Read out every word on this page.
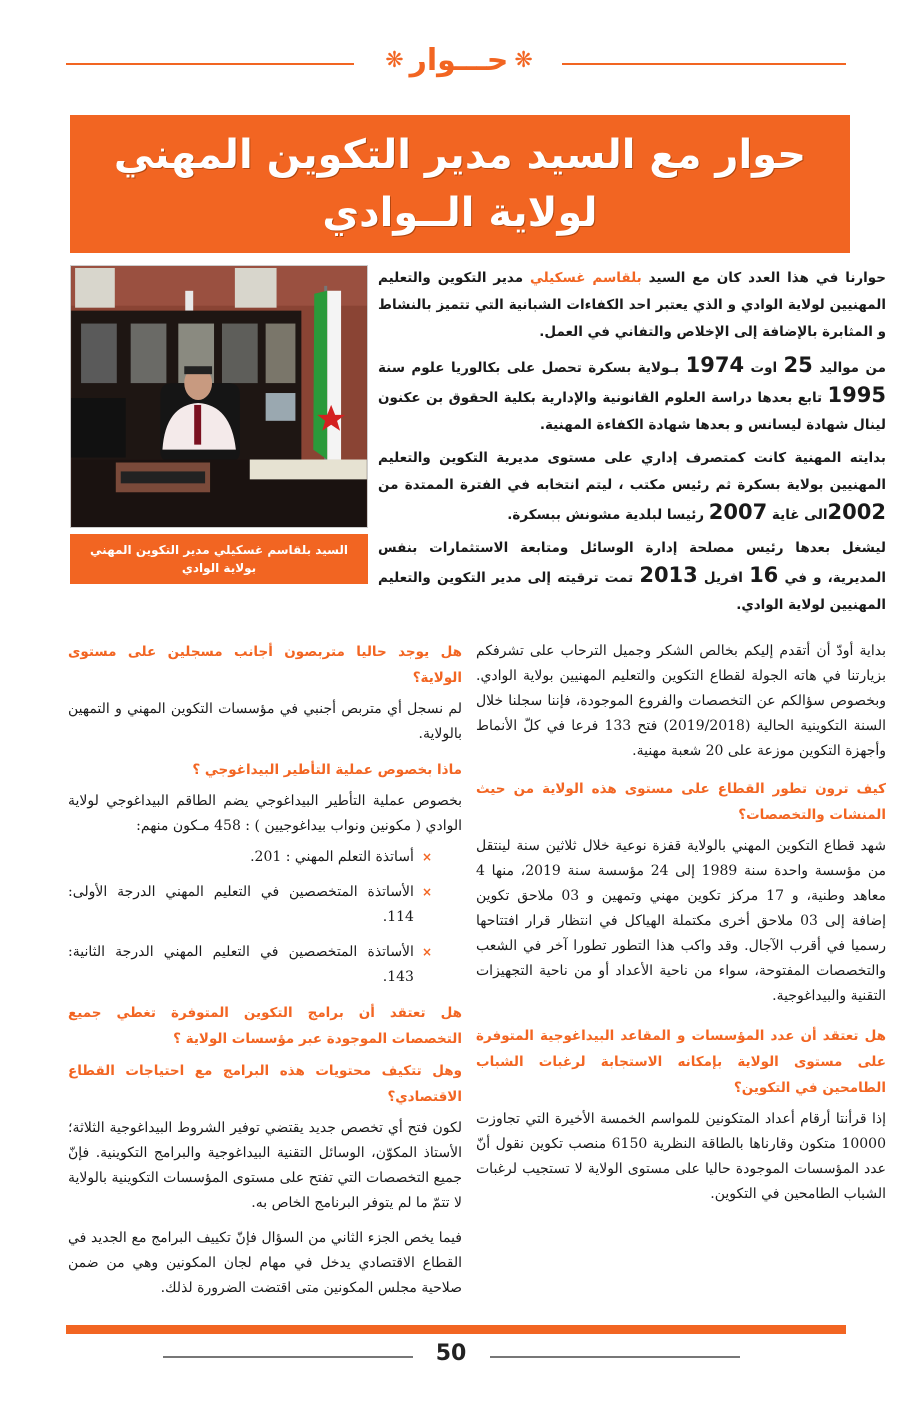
❋ حـــوار ❋
حوار مع السيد مدير التكوين المهني
لولاية الــوادي
السيد بلقاسم غسكيلي مدير التكوين المهني بولاية الوادي

حوارنا في هذا العدد كان مع السيد بلقاسم غسكيلي مدير التكوين والتعليم المهنيين لولاية الوادي و الذي يعتبر احد الكفاءات الشبانية التي تتميز بالنشاط و المثابرة بالإضافة إلى الإخلاص والتفاني في العمل.

من مواليد 25 اوت 1974 بـولاية بسكرة تحصل على بكالوريا علوم سنة 1995 تابع بعدها دراسة العلوم القانونية والإدارية بكلية الحقوق بن عكنون لينال شهادة ليسانس و بعدها شهادة الكفاءة المهنية.

بدايته المهنية كانت كمتصرف إداري على مستوى مديرية التكوين والتعليم المهنيين بولاية بسكرة ثم رئيس مكتب ، ليتم انتخابه في الفترة الممتدة من 2002الى غاية 2007 رئيسا لبلدية مشونش ببسكرة.

ليشغل بعدها رئيس مصلحة إدارة الوسائل ومتابعة الاستثمارات بنفس المديرية، و في 16 افريل 2013 تمت ترقيته إلى مدير التكوين والتعليم المهنيين لولاية الوادي.

هل يوجد حاليا متربصون أجانب مسجلين على مستوى الولاية؟

لم نسجل أي متربص أجنبي في مؤسسات التكوين المهني و التمهين بالولاية.

ماذا بخصوص عملية التأطير البيداغوجي ؟

بخصوص عملية التأطير البيداغوجي يضم الطاقم البيداغوجي لولاية الوادي ( مكونين ونواب بيداغوجيين ) : 458 مـكون منهم:

×
أساتذة التعلم المهني : 201.
×
الأساتذة المتخصصين في التعليم المهني الدرجة الأولى: 114.
×
الأساتذة المتخصصين في التعليم المهني الدرجة الثانية: 143.

هل تعتقد أن برامج التكوين المتوفرة تغطي جميع التخصصات الموجودة عبر مؤسسات الولاية ؟

وهل تتكيف محتويات هذه البرامج مع احتياجات القطاع الاقتصادي؟

لكون فتح أي تخصص جديد يقتضي توفير الشروط البيداغوجية الثلاثة؛ الأستاذ المكوّن، الوسائل التقنية البيداغوجية والبرامج التكوينية. فإنّ جميع التخصصات التي تفتح على مستوى المؤسسات التكوينية بالولاية لا تتمّ ما لم يتوفر البرنامج الخاص به.

فيما يخص الجزء الثاني من السؤال فإنّ تكييف البرامج مع الجديد في القطاع الاقتصادي يدخل في مهام لجان المكونين وهي من ضمن صلاحية مجلس المكونين متى اقتضت الضرورة لذلك.

بداية أودّ أن أتقدم إليكم بخالص الشكر وجميل الترحاب على تشرفكم بزيارتنا في هاته الجولة لقطاع التكوين والتعليم المهنيين بولاية الوادي. وبخصوص سؤالكم عن التخصصات والفروع الموجودة، فإننا سجلنا خلال السنة التكوينية الحالية (2019/2018) فتح 133 فرعا في كلّ الأنماط وأجهزة التكوين موزعة على 20 شعبة مهنية.

كيف ترون تطور القطاع على مستوى هذه الولاية من حيث المنشات والتخصصات؟

شهد قطاع التكوين المهني بالولاية قفزة نوعية خلال ثلاثين سنة لينتقل من مؤسسة واحدة سنة 1989 إلى 24 مؤسسة سنة 2019، منها 4 معاهد وطنية، و 17 مركز تكوين مهني وتمهين و 03 ملاحق تكوين إضافة إلى 03 ملاحق أخرى مكتملة الهياكل في انتظار قرار افتتاحها رسميا في أقرب الآجال. وقد واكب هذا التطور تطورا آخر في الشعب والتخصصات المفتوحة، سواء من ناحية الأعداد أو من ناحية التجهيزات التقنية والبيداغوجية.

هل تعتقد أن عدد المؤسسات و المقاعد البيداغوجية المتوفرة على مستوى الولاية بإمكانه الاستجابة لرغبات الشباب الطامحين في التكوين؟

إذا قرأنتا أرقام أعداد المتكونين للمواسم الخمسة الأخيرة التي تجاوزت 10000 متكون وقارناها بالطاقة النظرية 6150 منصب تكوين نقول أنّ عدد المؤسسات الموجودة حاليا على مستوى الولاية لا تستجيب لرغبات الشباب الطامحين في التكوين.

50
